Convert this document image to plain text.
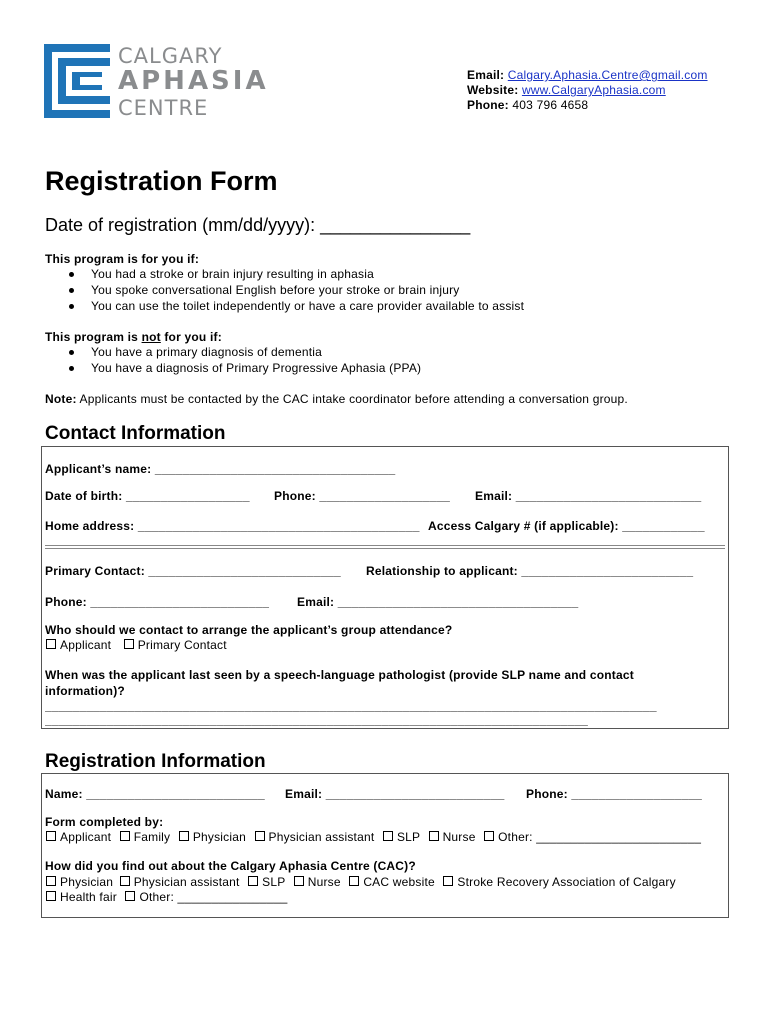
CALGARY
APHASIA
CENTRE
Email: Calgary.Aphasia.Centre@gmail.com
Website: www.CalgaryAphasia.com
Phone: 403 796 4658
Registration Form
Date of registration (mm/dd/yyyy): _______________
This program is for you if:
You had a stroke or brain injury resulting in aphasia
You spoke conversational English before your stroke or brain injury
You can use the toilet independently or have a care provider available to assist
This program is not for you if:
You have a primary diagnosis of dementia
You have a diagnosis of Primary Progressive Aphasia (PPA)
Note: Applicants must be contacted by the CAC intake coordinator before attending a conversation group.
Contact Information
Applicant’s name: ___________________________________
Date of birth: __________________ Phone: ___________________ Email: ___________________________
Home address: _________________________________________ Access Calgary # (if applicable): ____________
Primary Contact: ____________________________ Relationship to applicant: _________________________
Phone: __________________________ Email: ___________________________________
Who should we contact to arrange the applicant’s group attendance?
Applicant Primary Contact
When was the applicant last seen by a speech-language pathologist (provide SLP name and contact
information)?
_________________________________________________________________________________________
_______________________________________________________________________________
Registration Information
Name: __________________________ Email: __________________________ Phone: ___________________
Form completed by:
Applicant Family Physician Physician assistant SLP Nurse Other: ________________________
How did you find out about the Calgary Aphasia Centre (CAC)?
Physician Physician assistant SLP Nurse CAC website Stroke Recovery Association of Calgary
Health fair Other: ________________
